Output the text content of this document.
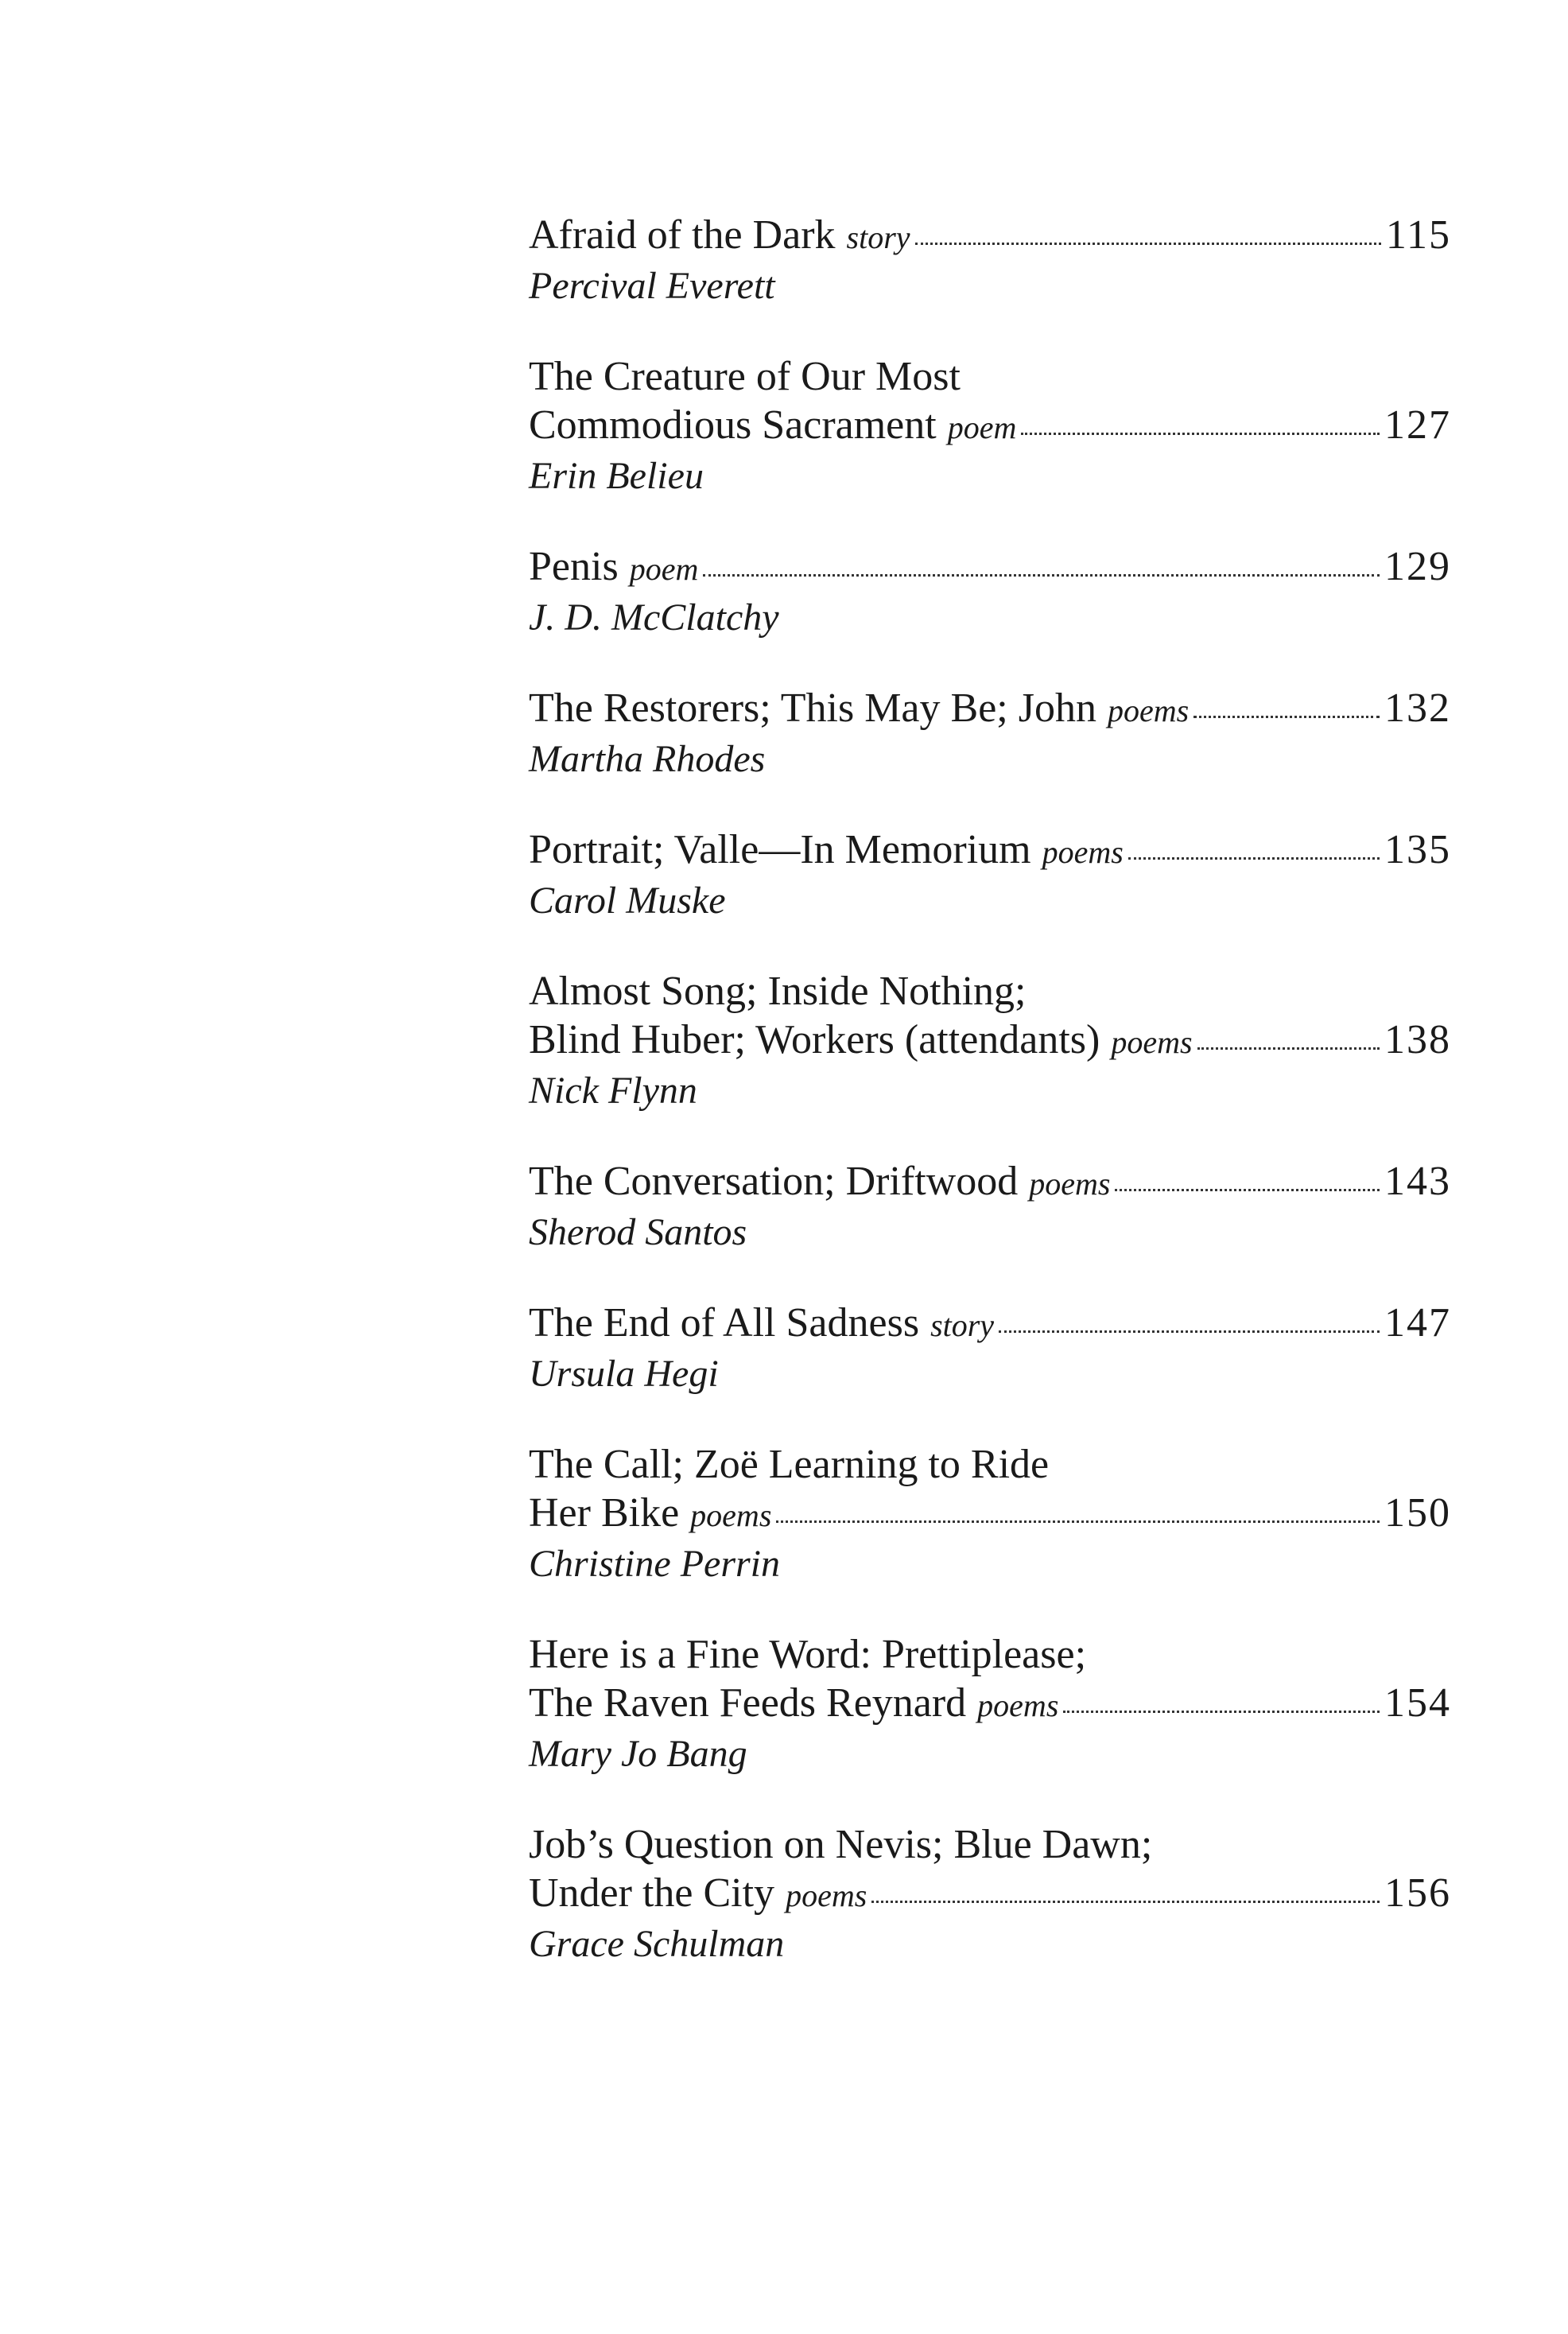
Afraid of the Dark story	115
Percival Everett
The Creature of Our Most
Commodious Sacrament poem	127
Erin Belieu
Penis poem	129
J. D. McClatchy
The Restorers; This May Be; John poems	132
Martha Rhodes
Portrait; Valle—In Memorium poems	135
Carol Muske
Almost Song; Inside Nothing;
Blind Huber; Workers (attendants) poems	138
Nick Flynn
The Conversation; Driftwood poems	143
Sherod Santos
The End of All Sadness story	147
Ursula Hegi
The Call; Zoë Learning to Ride
Her Bike poems	150
Christine Perrin
Here is a Fine Word: Prettiplease;
The Raven Feeds Reynard poems	154
Mary Jo Bang
Job’s Question on Nevis; Blue Dawn;
Under the City poems	156
Grace Schulman
